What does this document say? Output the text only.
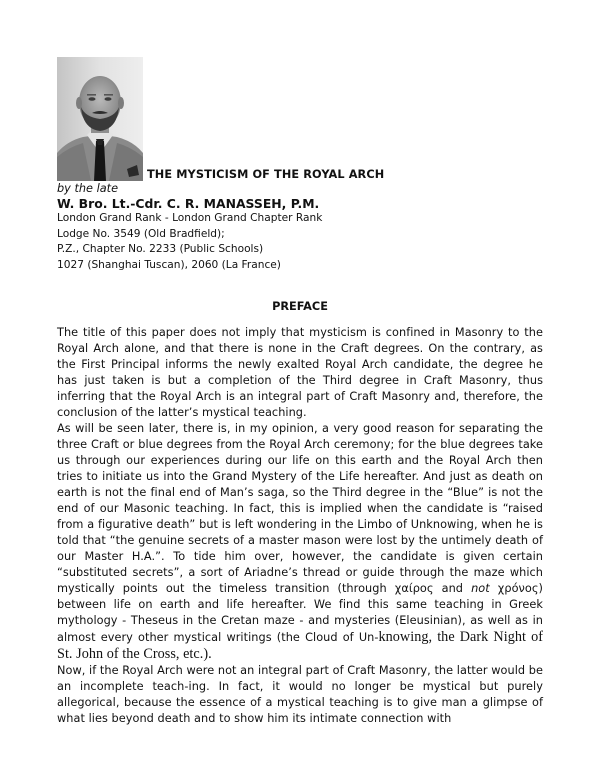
THE MYSTICISM OF THE ROYAL ARCH
by the late
W. Bro. Lt.-Cdr. C. R. MANASSEH, P.M.
London Grand Rank - London Grand Chapter Rank
Lodge No. 3549 (Old Bradfield);
P.Z., Chapter No. 2233 (Public Schools)
1027 (Shanghai Tuscan), 2060 (La France)
PREFACE

The title of this paper does not imply that mysticism is confined in Masonry to the Royal Arch alone, and that there is none in the Craft degrees. On the contrary, as the First Principal informs the newly exalted Royal Arch candidate, the degree he has just taken is but a completion of the Third degree in Craft Masonry, thus inferring that the Royal Arch is an integral part of Craft Masonry and, therefore, the conclusion of the latter’s mystical teaching.

As will be seen later, there is, in my opinion, a very good reason for separating the three Craft or blue degrees from the Royal Arch ceremony; for the blue degrees take us through our experiences during our life on this earth and the Royal Arch then tries to initiate us into the Grand Mystery of the Life hereafter. And just as death on earth is not the final end of Man’s saga, so the Third degree in the “Blue” is not the end of our Masonic teaching. In fact, this is implied when the candidate is “raised from a figurative death” but is left wondering in the Limbo of Unknowing, when he is told that “the genuine secrets of a master mason were lost by the untimely death of our Master H.A.”. To tide him over, however, the candidate is given certain “substituted secrets”, a sort of Ariadne’s thread or guide through the maze which mystically points out the timeless transition (through χαίρος and not χρόνος) between life on earth and life hereafter. We find this same teaching in Greek mythology - Theseus in the Cretan maze - and mysteries (Eleusinian), as well as in almost every other mystical writings (the Cloud of Un-knowing, the Dark Night of St. John of the Cross, etc.).

Now, if the Royal Arch were not an integral part of Craft Masonry, the latter would be an incomplete teach-ing. In fact, it would no longer be mystical but purely allegorical, because the essence of a mystical teaching is to give man a glimpse of what lies beyond death and to show him its intimate connection with
